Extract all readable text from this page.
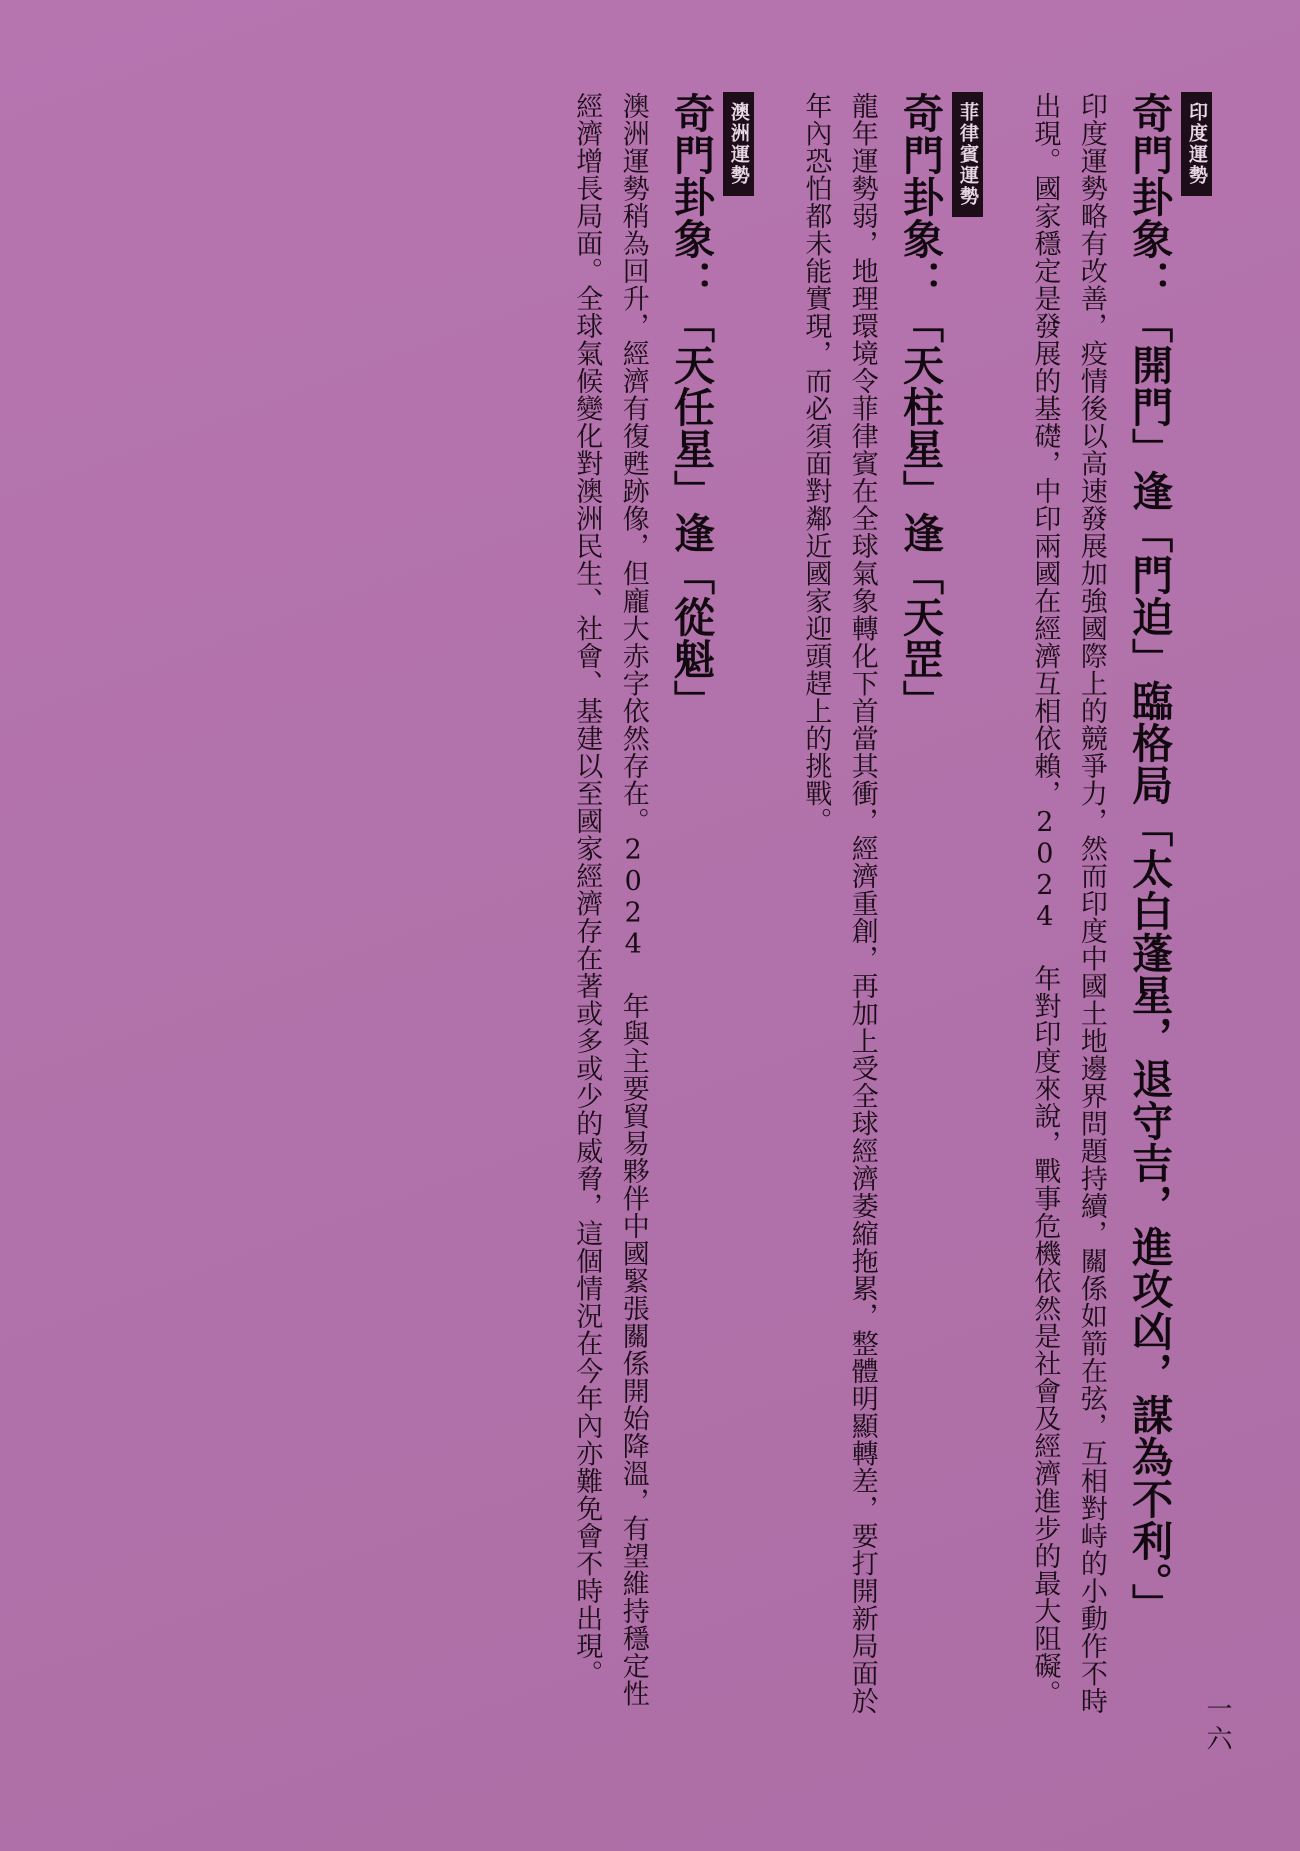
印度運勢
奇門卦象：「開門」逢「門迫」臨格局「太白蓬星，退守吉，進攻凶，謀為不利。」
印度運勢略有改善，疫情後以高速發展加強國際上的競爭力，然而印度中國土地邊界問題持續，關係如箭在弦，互相對峙的小動作不時出現。國家穩定是發展的基礎，中印兩國在經濟互相依賴，2024 年對印度來說，戰事危機依然是社會及經濟進步的最大阻礙。
菲律賓運勢
奇門卦象：「天柱星」逢「天罡」
龍年運勢弱，地理環境令菲律賓在全球氣象轉化下首當其衝，經濟重創，再加上受全球經濟萎縮拖累，整體明顯轉差，要打開新局面於年內恐怕都未能實現，而必須面對鄰近國家迎頭趕上的挑戰。
澳洲運勢
奇門卦象：「天任星」逢「從魁」
澳洲運勢稍為回升，經濟有復甦跡像，但龐大赤字依然存在。2024 年與主要貿易夥伴中國緊張關係開始降溫，有望維持穩定性經濟增長局面。全球氣候變化對澳洲民生、社會、基建以至國家經濟存在著或多或少的威脅，這個情況在今年內亦難免會不時出現。
一六
